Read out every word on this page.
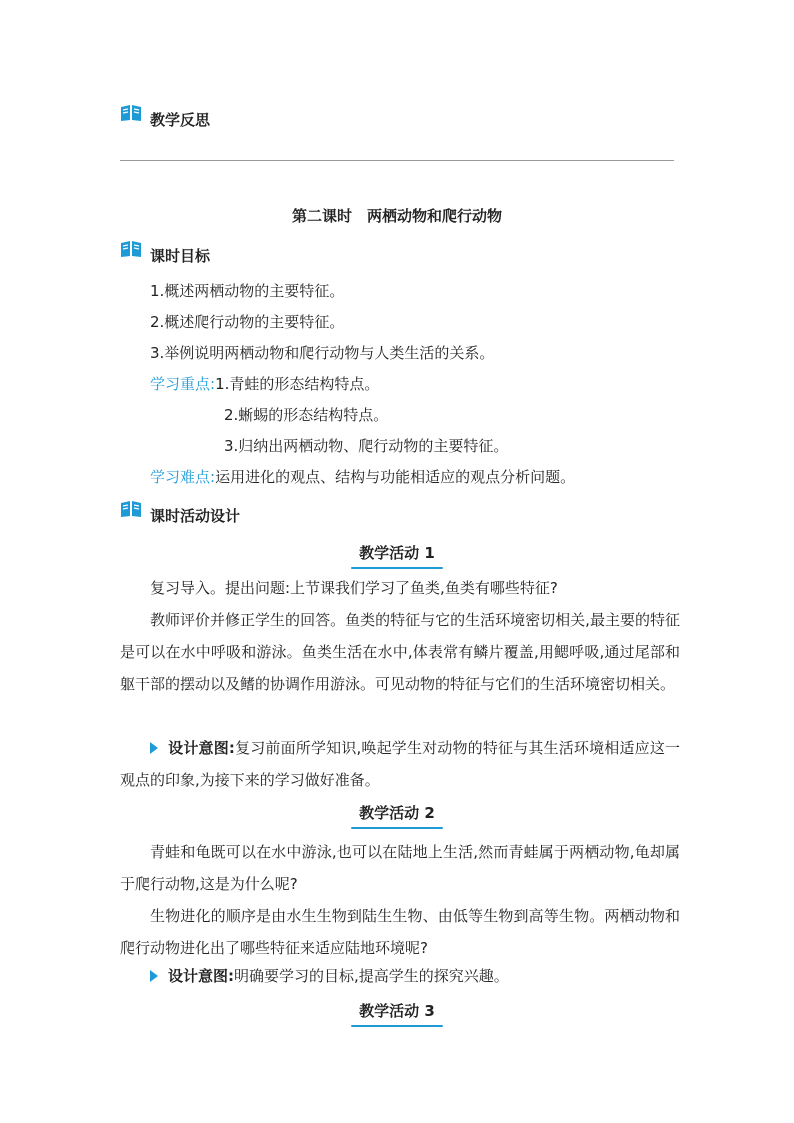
教学反思
第二课时　两栖动物和爬行动物
课时目标
1.概述两栖动物的主要特征。
2.概述爬行动物的主要特征。
3.举例说明两栖动物和爬行动物与人类生活的关系。
学习重点:1.青蛙的形态结构特点。
2.蜥蜴的形态结构特点。
3.归纳出两栖动物、爬行动物的主要特征。
学习难点:运用进化的观点、结构与功能相适应的观点分析问题。
课时活动设计
教学活动 1
复习导入。提出问题:上节课我们学习了鱼类,鱼类有哪些特征?
教师评价并修正学生的回答。鱼类的特征与它的生活环境密切相关,最主要的特征是可以在水中呼吸和游泳。鱼类生活在水中,体表常有鳞片覆盖,用鳃呼吸,通过尾部和躯干部的摆动以及鳍的协调作用游泳。可见动物的特征与它们的生活环境密切相关。
设计意图:复习前面所学知识,唤起学生对动物的特征与其生活环境相适应这一观点的印象,为接下来的学习做好准备。
教学活动 2
青蛙和龟既可以在水中游泳,也可以在陆地上生活,然而青蛙属于两栖动物,龟却属于爬行动物,这是为什么呢?
生物进化的顺序是由水生生物到陆生生物、由低等生物到高等生物。两栖动物和爬行动物进化出了哪些特征来适应陆地环境呢?
设计意图:明确要学习的目标,提高学生的探究兴趣。
教学活动 3
